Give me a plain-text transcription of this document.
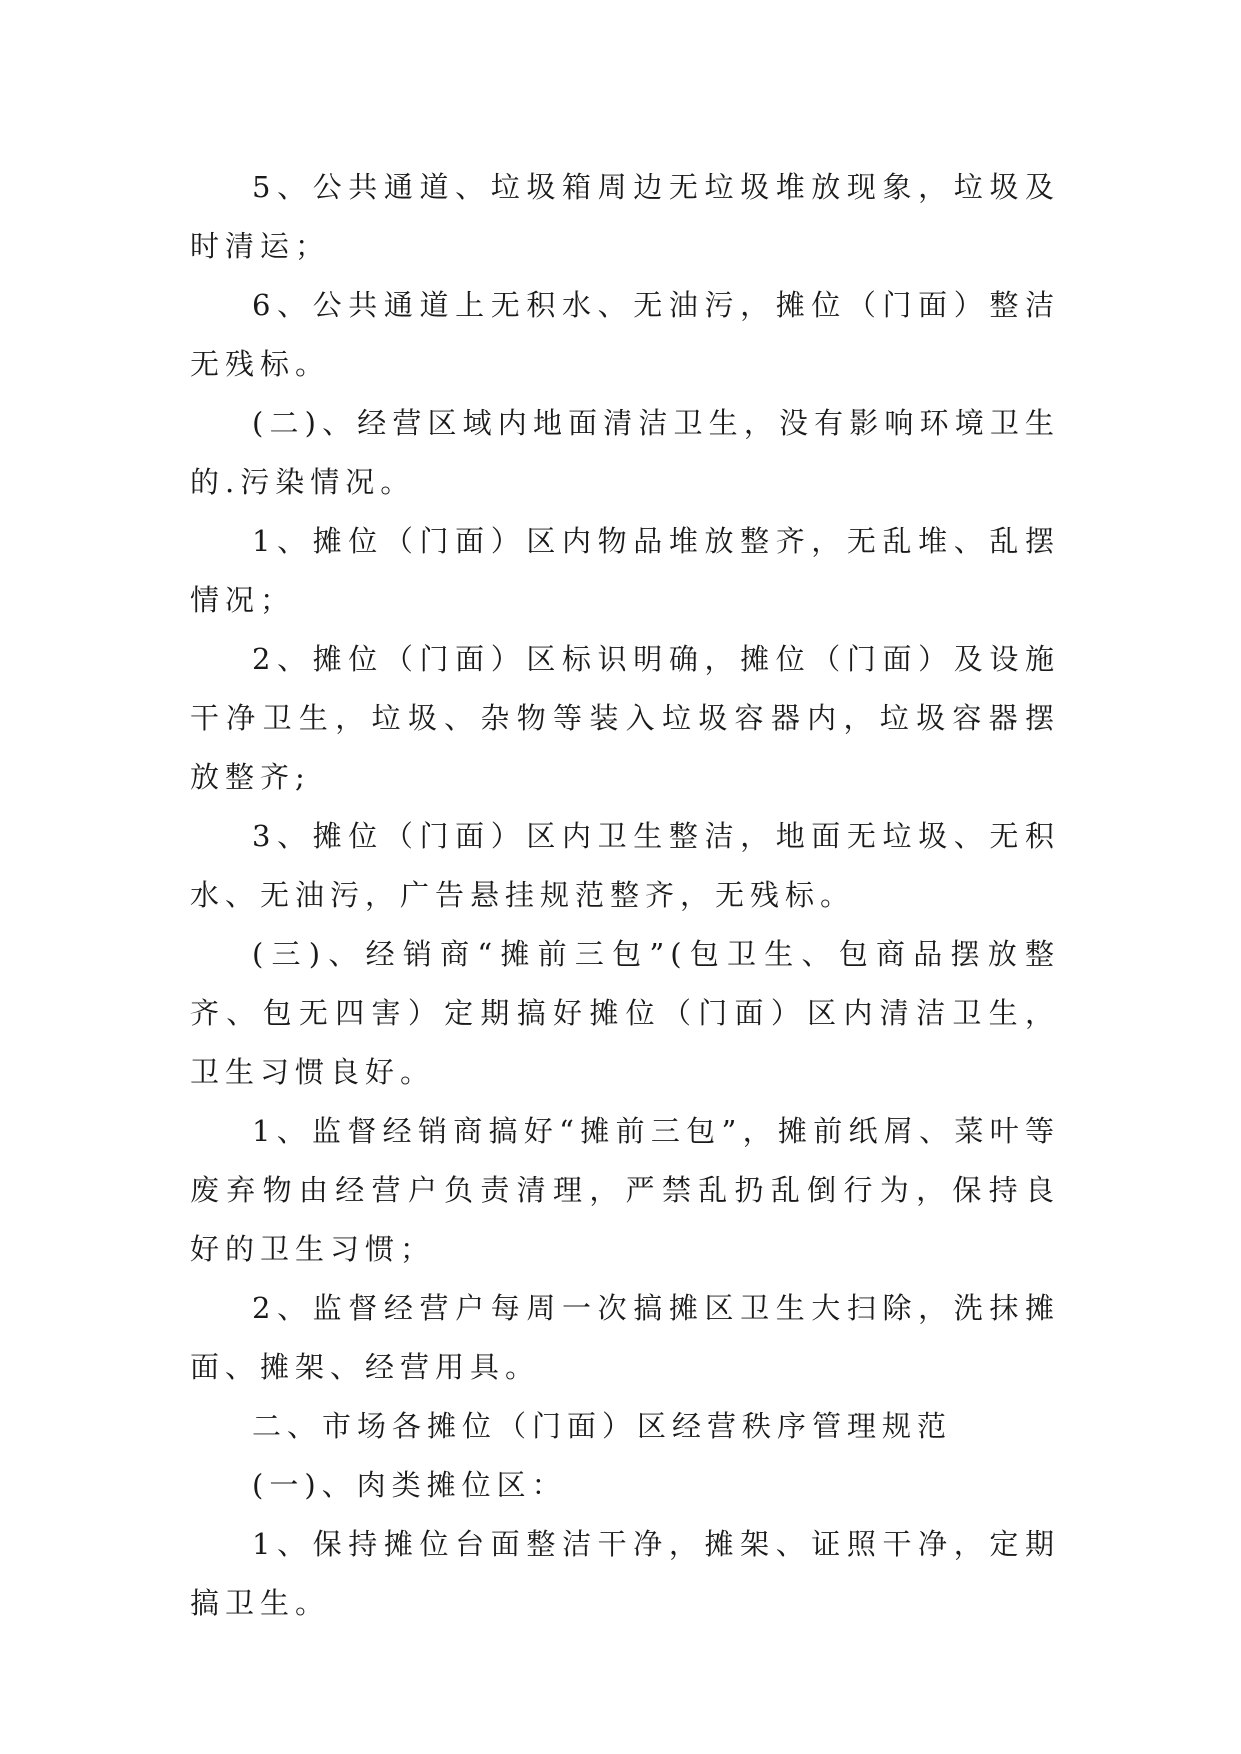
5、公共通道、垃圾箱周边无垃圾堆放现象，垃圾及时清运；

6、公共通道上无积水、无油污，摊位（门面）整洁无残标。

(二)、经营区域内地面清洁卫生，没有影响环境卫生的.污染情况。

1、摊位（门面）区内物品堆放整齐，无乱堆、乱摆情况；

2、摊位（门面）区标识明确，摊位（门面）及设施干净卫生，垃圾、杂物等装入垃圾容器内，垃圾容器摆放整齐;

3、摊位（门面）区内卫生整洁，地面无垃圾、无积水、无油污，广告悬挂规范整齐，无残标。

(三)、经销商“摊前三包”(包卫生、包商品摆放整齐、包无四害）定期搞好摊位（门面）区内清洁卫生，卫生习惯良好。

1、监督经销商搞好“摊前三包”，摊前纸屑、菜叶等废弃物由经营户负责清理，严禁乱扔乱倒行为，保持良好的卫生习惯；

2、监督经营户每周一次搞摊区卫生大扫除，洗抹摊面、摊架、经营用具。

二、市场各摊位（门面）区经营秩序管理规范

(一)、肉类摊位区：

1、保持摊位台面整洁干净，摊架、证照干净，定期搞卫生。
